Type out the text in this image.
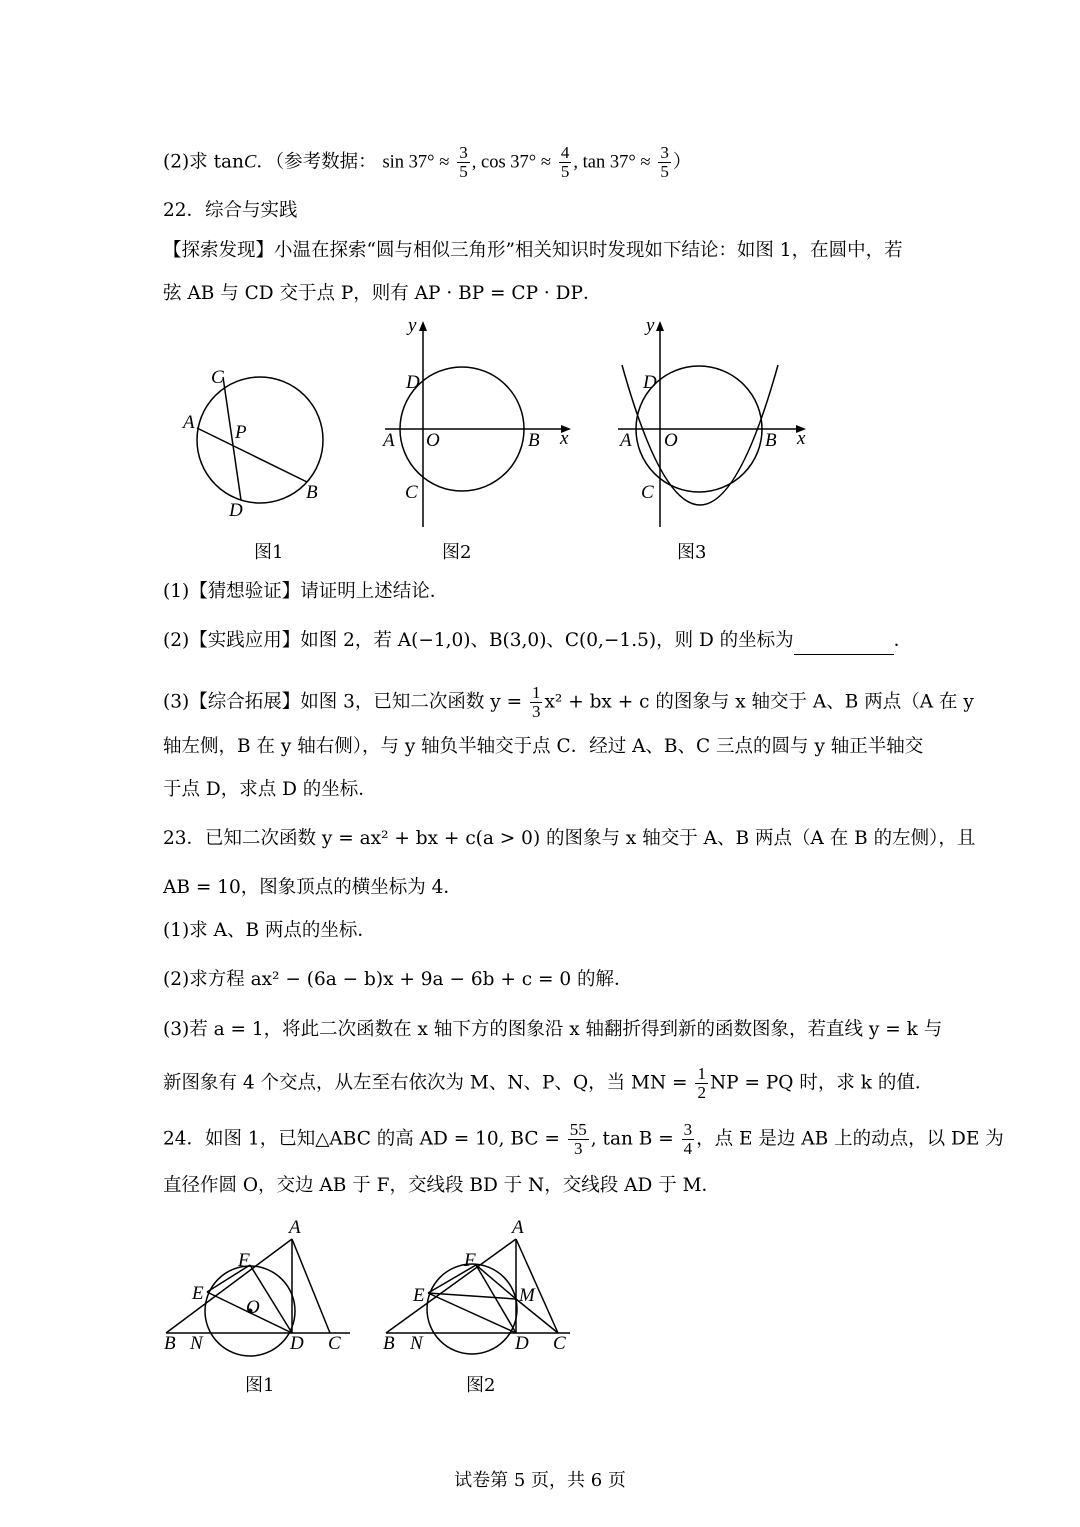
(2)求 tanC．（参考数据： $\sin 37^\circ \approx \frac{3}{5}$ , $\cos 37^\circ \approx \frac{4}{5}$ , $\tan 37^\circ \approx \frac{3}{5}$ ）
22．综合与实践
【探索发现】小温在探索“圆与相似三角形”相关知识时发现如下结论：如图 1，在圆中，若
弦 AB 与 CD 交于点 P，则有 AP · BP = CP · DP．
C
A P
B
D
图1
y
D
A O	B x
C
图2
y
D
A O	B x
C
图3
(1)【猜想验证】请证明上述结论．
(2)【实践应用】如图 2，若 A(−1,0)、B(3,0)、C(0,−1.5)，则 D 的坐标为	．
(3)【综合拓展】如图 3，已知二次函数 $y = \frac{1}{3} x^2$ + bx + c 的图象与 x 轴交于 A、B 两点（A 在 y
轴左侧，B 在 y 轴右侧），与 y 轴负半轴交于点 C．经过 A、B、C 三点的圆与 y 轴正半轴交
于点 D，求点 D 的坐标．
23．已知二次函数 y = ax² + bx + c(a > 0) 的图象与 x 轴交于 A、B 两点（A 在 B 的左侧），且
AB = 10，图象顶点的横坐标为 4．
(1)求 A、B 两点的坐标．
(2)求方程 ax² − (6a − b)x + 9a − 6b + c = 0 的解．
(3)若 a = 1，将此二次函数在 x 轴下方的图象沿 x 轴翻折得到新的函数图象，若直线 y = k 与
新图象有 4 个交点，从左至右依次为 M、N、P、Q，当 MN = $\frac{1}{2}$ NP = PQ 时，求 k 的值．
24．如图 1，已知△ABC 的高 AD = 10, BC = $\frac{55}{3}$ , $\tan B = \frac{3}{4}$ ，点 E 是边 AB 上的动点，以 DE 为
直径作圆 O，交边 AB 于 F，交线段 BD 于 N，交线段 AD 于 M．
A
F
E
O
B N	D C
图1
A
F
E	M
B N	D C
图2
试卷第 5 页，共 6 页
